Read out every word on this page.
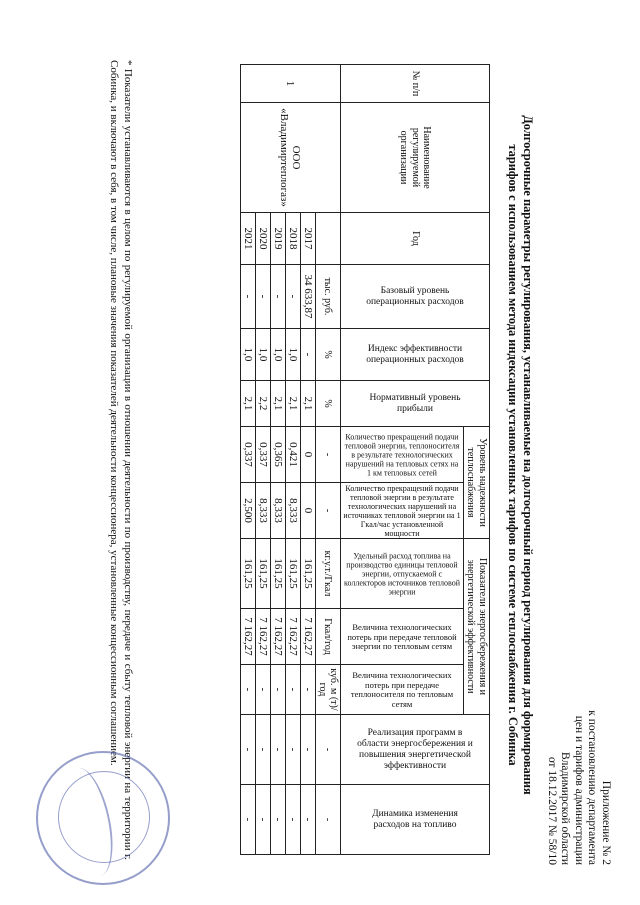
Приложение № 2
к постановлению департамента
цен и тарифов администрации
Владимирской области
от 18.12.2017 № 58/10
Долгосрочные параметры регулирования, устанавливаемые на долгосрочный период регулирования для формирования
тарифов с использованием метода индексации установленных тарифов по системе теплоснабжения г. Собинка
№ п/п	Наименование регулируемой организации	Год	Базовый уровень операционных расходов	Индекс эффективности операционных расходов	Нормативный уровень прибыли	Уровень надежности теплоснабжения		Показатели энергосбережения и энергетической эффективности			Реализация программ в области энергосбережения и повышения энергетической эффективности	Динамика изменения расходов на топливо

						Количество прекращений подачи тепловой энергии, теплоносителя в результате технологических нарушений на тепловых сетях на 1 км тепловых сетей	Количество прекращений подачи тепловой энергии в результате технологических нарушений на источниках тепловой энергии на 1 Гкал/час установленной мощности	Удельный расход топлива на производство единицы тепловой энергии, отпускаемой с коллекторов источников тепловой энергии	Величина технологических потерь при передаче тепловой энергии по тепловым сетям	Величина технологических потерь при передаче теплоносителя по тепловым сетям		

1	ООО «Владимиртеплогаз»		тыс. руб.	%	%	-	-	кг.у.т./Гкал	Гкал/год	куб. м (т)/год	-	-
		2017	34 633,87	-	2,1	0	0	161,25	7 162,27	-	-	-
		2018	-	1,0	2,1	0,421	8,333	161,25	7 162,27	-	-	-
		2019	-	1,0	2,1	0,365	8,333	161,25	7 162,27	-	-	-
		2020	-	1,0	2,2	0,337	8,333	161,25	7 162,27	-	-	-
		2021	-	1,0	2,1	0,337	2,500	161,25	7 162,27	-	-	-
* Показатели устанавливаются в целом по регулируемой организации в отношении деятельности по производству, передаче и сбыту тепловой энергии на территории г. Собинка, и включают в себя, в том числе, плановые значения показателей деятельности концессионера, установленные концессионным соглашением.
